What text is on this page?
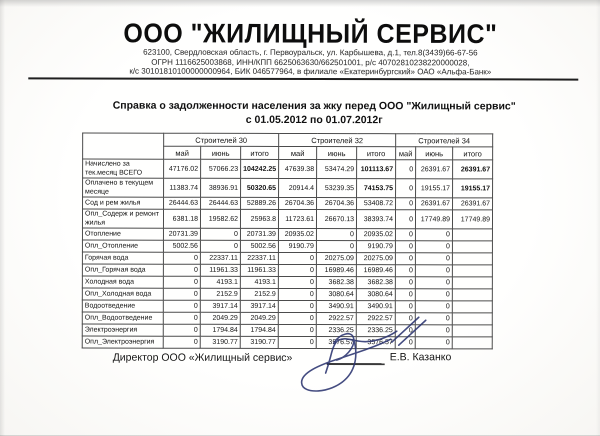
ООО "ЖИЛИЩНЫЙ СЕРВИС"
623100, Свердловская область, г. Первоуральск, ул. Карбышева, д.1, тел.8(3439)66-67-56
ОГРН 1116625003868, ИНН/КПП 6625063630/662501001, р/с 40702810238220000028,
к/с 30101810100000000964, БИК 046577964, в филиале «Екатеринбургский» ОАО «Альфа-Банк»
Справка о задолженности населения за жку перед ООО "Жилищный сервис"
с 01.05.2012 по 01.07.2012г
	Строителей 30			Строителей 32			Строителей 34		
	май	июнь	итого	май	июнь	итого	май	июнь	итого
Начислено за тек.месяц ВСЕГО	47176.02	57066.23	104242.25	47639.38	53474.29	101113.67	0	26391.67	26391.67
Оплачено в текущем месяце	11383.74	38936.91	50320.65	20914.4	53239.35	74153.75	0	19155.17	19155.17
Сод и рем жилья	26444.63	26444.63	52889.26	26704.36	26704.36	53408.72	0	26391.67	26391.67
Опл_Содерж и ремонт жилья	6381.18	19582.62	25963.8	11723.61	26670.13	38393.74	0	17749.89	17749.89
Отопление	20731.39	0	20731.39	20935.02	0	20935.02	0	0	
Опл_Отопление	5002.56	0	5002.56	9190.79	0	9190.79	0	0	
Горячая вода	0	22337.11	22337.11	0	20275.09	20275.09	0	0	
Опл_Горячая вода	0	11961.33	11961.33	0	16989.46	16989.46	0	0	
Холодная вода	0	4193.1	4193.1	0	3682.38	3682.38	0	0	
Опл_Холодная вода	0	2152.9	2152.9	0	3080.64	3080.64	0	0	
Водоотведение	0	3917.14	3917.14	0	3490.91	3490.91	0	0	
Опл_Водоотведение	0	2049.29	2049.29	0	2922.57	2922.57	0	0	
Электроэнергия	0	1794.84	1794.84	0	2336.25	2336.25	0	0	
Опл_Электроэнергия	0	3190.77	3190.77	0	3576.57	3576.57	0	0	
Директор ООО «Жилищный сервис»	Е.В. Казанко
